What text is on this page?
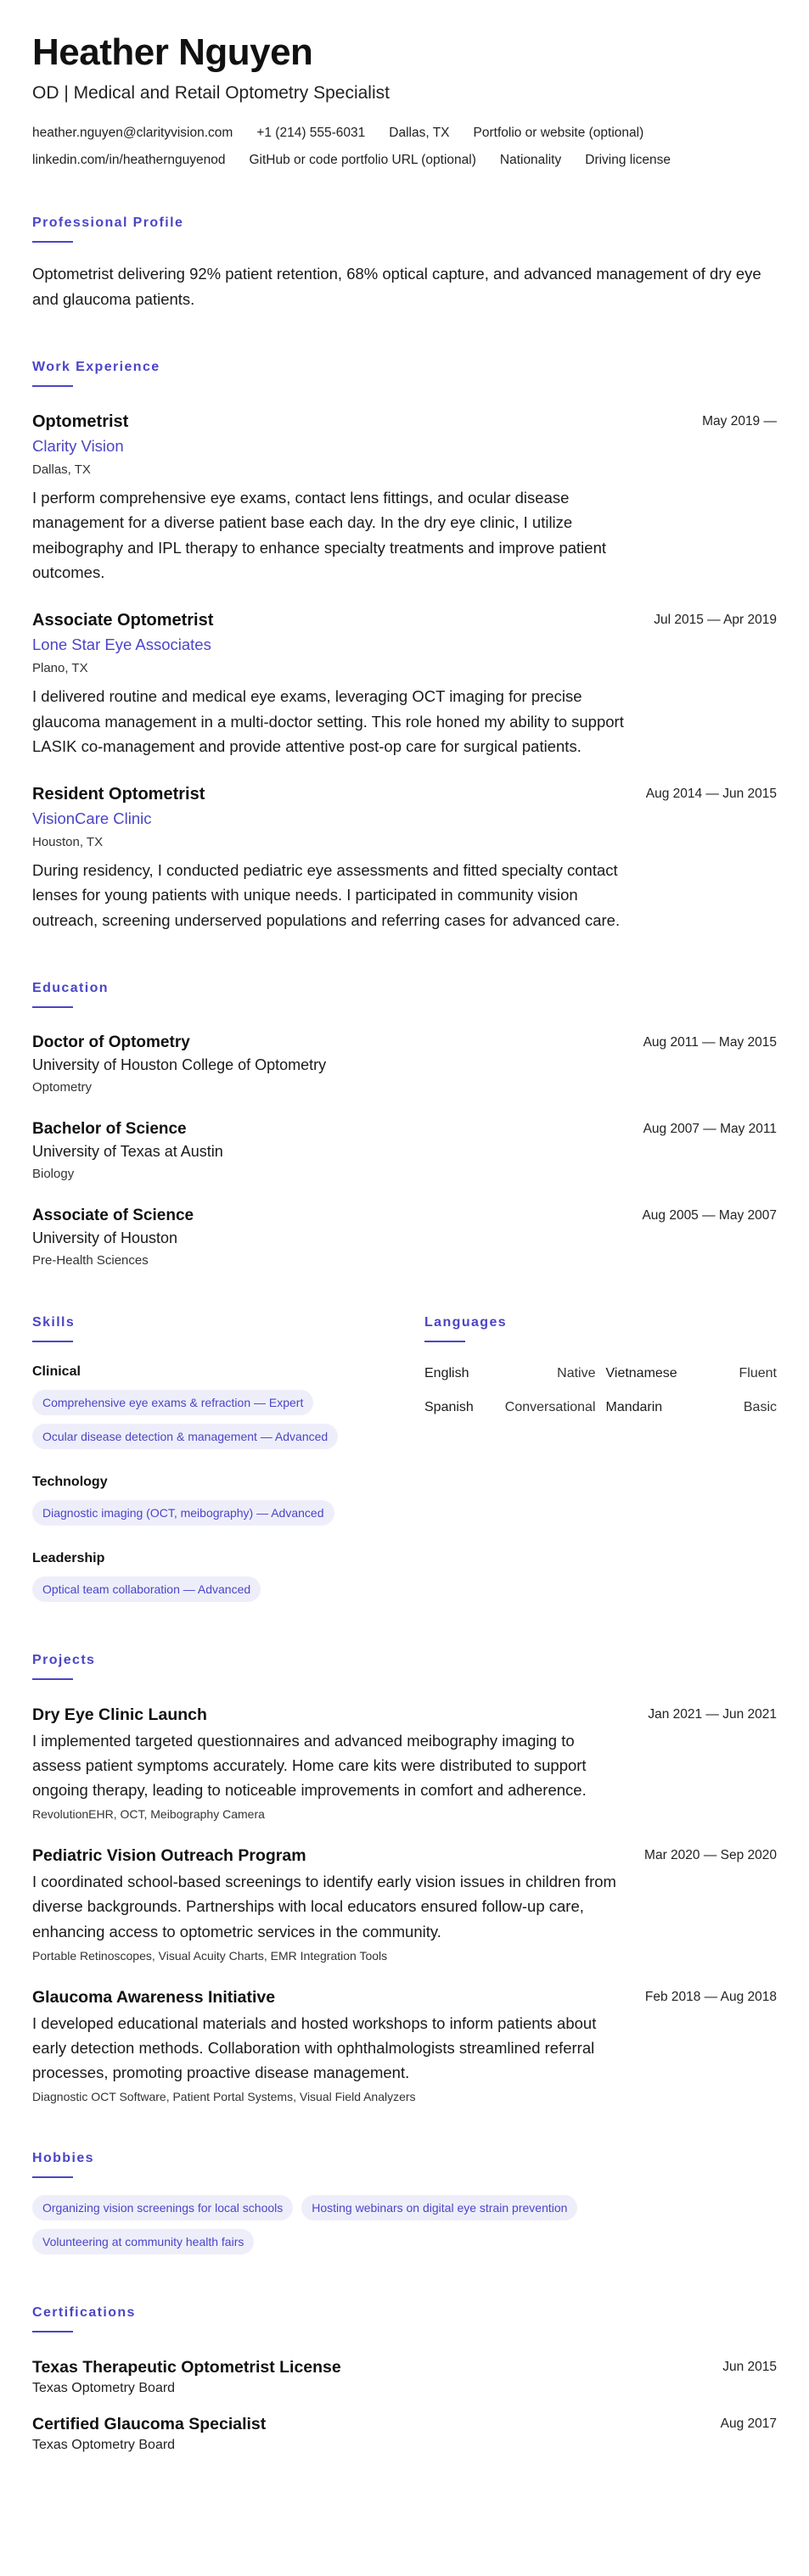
Heather Nguyen
OD | Medical and Retail Optometry Specialist
heather.nguyen@clarityvision.com +1 (214) 555-6031 Dallas, TX Portfolio or website (optional)
linkedin.com/in/heathernguyenod GitHub or code portfolio URL (optional) Nationality Driving license
Professional Profile
Optometrist delivering 92% patient retention, 68% optical capture, and advanced management of dry eye and glaucoma patients.
Work Experience
Optometrist	May 2019 —
Clarity Vision
Dallas, TX
I perform comprehensive eye exams, contact lens fittings, and ocular disease management for a diverse patient base each day. In the dry eye clinic, I utilize meibography and IPL therapy to enhance specialty treatments and improve patient outcomes.
Associate Optometrist	Jul 2015 — Apr 2019
Lone Star Eye Associates
Plano, TX
I delivered routine and medical eye exams, leveraging OCT imaging for precise glaucoma management in a multi-doctor setting. This role honed my ability to support LASIK co-management and provide attentive post-op care for surgical patients.
Resident Optometrist	Aug 2014 — Jun 2015
VisionCare Clinic
Houston, TX
During residency, I conducted pediatric eye assessments and fitted specialty contact lenses for young patients with unique needs. I participated in community vision outreach, screening underserved populations and referring cases for advanced care.
Education
Doctor of Optometry	Aug 2011 — May 2015
University of Houston College of Optometry
Optometry
Bachelor of Science	Aug 2007 — May 2011
University of Texas at Austin
Biology
Associate of Science	Aug 2005 — May 2007
University of Houston
Pre-Health Sciences
Skills
Clinical
Comprehensive eye exams & refraction — Expert
Ocular disease detection & management — Advanced
Technology
Diagnostic imaging (OCT, meibography) — Advanced
Leadership
Optical team collaboration — Advanced
Languages
English	Native Vietnamese	Fluent
Spanish Conversational Mandarin	Basic
Projects
Dry Eye Clinic Launch	Jan 2021 — Jun 2021
I implemented targeted questionnaires and advanced meibography imaging to assess patient symptoms accurately. Home care kits were distributed to support ongoing therapy, leading to noticeable improvements in comfort and adherence.
RevolutionEHR, OCT, Meibography Camera
Pediatric Vision Outreach Program	Mar 2020 — Sep 2020
I coordinated school-based screenings to identify early vision issues in children from diverse backgrounds. Partnerships with local educators ensured follow-up care, enhancing access to optometric services in the community.
Portable Retinoscopes, Visual Acuity Charts, EMR Integration Tools
Glaucoma Awareness Initiative	Feb 2018 — Aug 2018
I developed educational materials and hosted workshops to inform patients about early detection methods. Collaboration with ophthalmologists streamlined referral processes, promoting proactive disease management.
Diagnostic OCT Software, Patient Portal Systems, Visual Field Analyzers
Hobbies
Organizing vision screenings for local schools	Hosting webinars on digital eye strain prevention
Volunteering at community health fairs
Certifications
Texas Therapeutic Optometrist License	Jun 2015
Texas Optometry Board
Certified Glaucoma Specialist	Aug 2017
Texas Optometry Board
